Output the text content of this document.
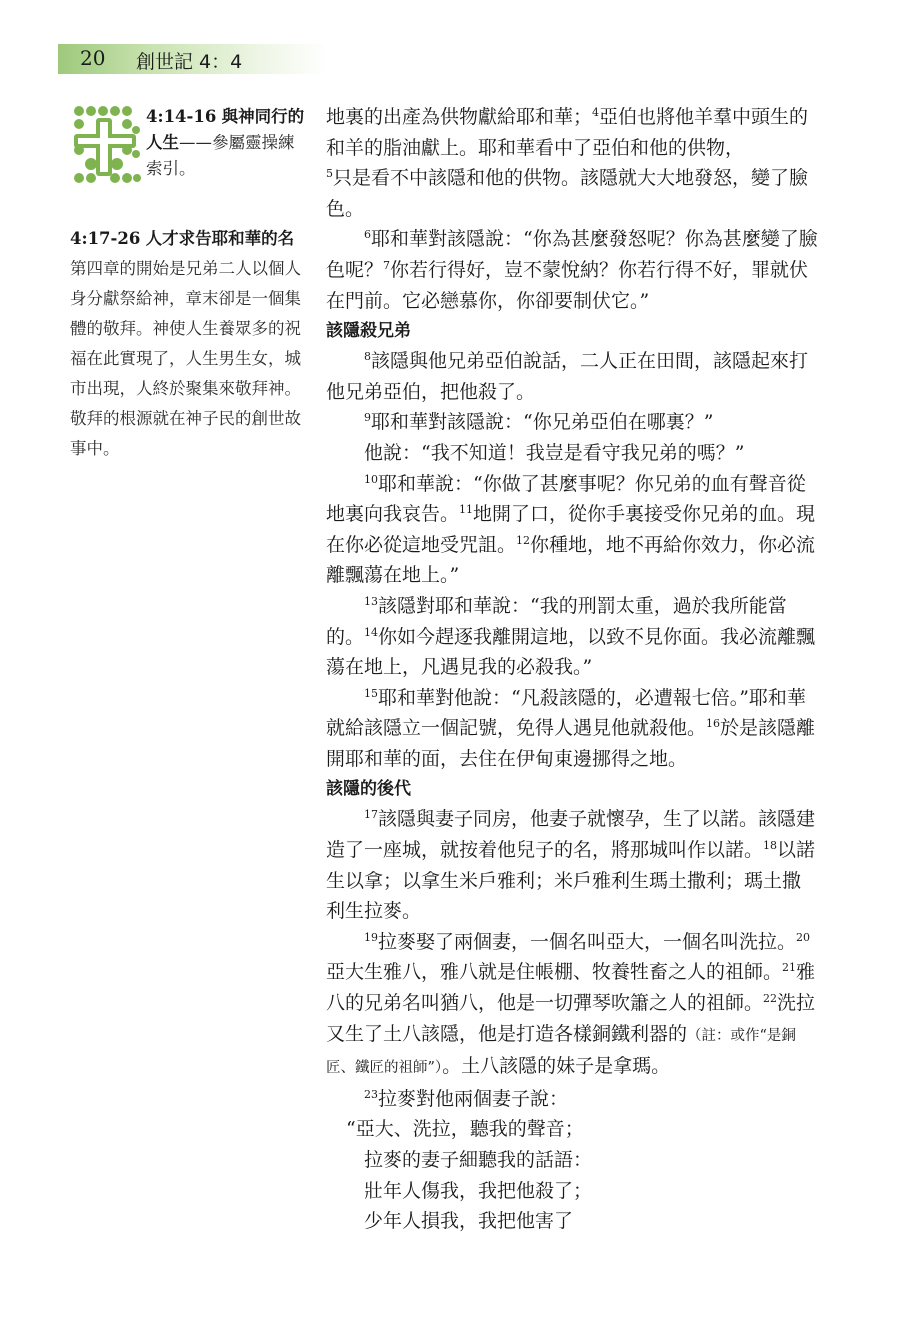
20 創世記 4：4
4:14-16 與神同行的人生——參屬靈操練索引。
4:17-26 人才求告耶和華的名 第四章的開始是兄弟二人以個人身分獻祭給神，章末卻是一個集體的敬拜。神使人生養眾多的祝福在此實現了，人生男生女，城市出現，人終於聚集來敬拜神。敬拜的根源就在神子民的創世故事中。

地裏的出產為供物獻給耶和華；$^4$亞伯也將他羊羣中頭生的和羊的脂油獻上。耶和華看中了亞伯和他的供物，
$^5$只是看不中該隱和他的供物。該隱就大大地發怒，變了臉色。

$^6$耶和華對該隱說：“你為甚麼發怒呢？你為甚麼變了臉色呢？$^7$你若行得好，豈不蒙悅納？你若行得不好，罪就伏在門前。它必戀慕你，你卻要制伏它。”

該隱殺兄弟

$^8$該隱與他兄弟亞伯說話，二人正在田間，該隱起來打他兄弟亞伯，把他殺了。

$^9$耶和華對該隱說：“你兄弟亞伯在哪裏？”

他說：“我不知道！我豈是看守我兄弟的嗎？”

$^{10}$耶和華說：“你做了甚麼事呢？你兄弟的血有聲音從地裏向我哀告。$^{11}$地開了口，從你手裏接受你兄弟的血。現在你必從這地受咒詛。$^{12}$你種地，地不再給你效力，你必流離飄蕩在地上。”

$^{13}$該隱對耶和華說：“我的刑罰太重，過於我所能當的。$^{14}$你如今趕逐我離開這地，以致不見你面。我必流離飄蕩在地上，凡遇見我的必殺我。”

$^{15}$耶和華對他說：“凡殺該隱的，必遭報七倍。”耶和華就給該隱立一個記號，免得人遇見他就殺他。$^{16}$於是該隱離開耶和華的面，去住在伊甸東邊挪得之地。

該隱的後代

$^{17}$該隱與妻子同房，他妻子就懷孕，生了以諾。該隱建造了一座城，就按着他兒子的名，將那城叫作以諾。$^{18}$以諾生以拿；以拿生米戶雅利；米戶雅利生瑪土撒利；瑪土撒利生拉麥。

$^{19}$拉麥娶了兩個妻，一個名叫亞大，一個名叫洗拉。$^{20}$亞大生雅八，雅八就是住帳棚、牧養牲畜之人的祖師。$^{21}$雅八的兄弟名叫猶八，他是一切彈琴吹簫之人的祖師。$^{22}$洗拉又生了土八該隱，他是打造各樣銅鐵利器的（註：或作“是銅匠、鐵匠的祖師”）。土八該隱的妹子是拿瑪。

$^{23}$拉麥對他兩個妻子說：

“亞大、洗拉，聽我的聲音；

拉麥的妻子細聽我的話語：

壯年人傷我，我把他殺了；

少年人損我，我把他害了
